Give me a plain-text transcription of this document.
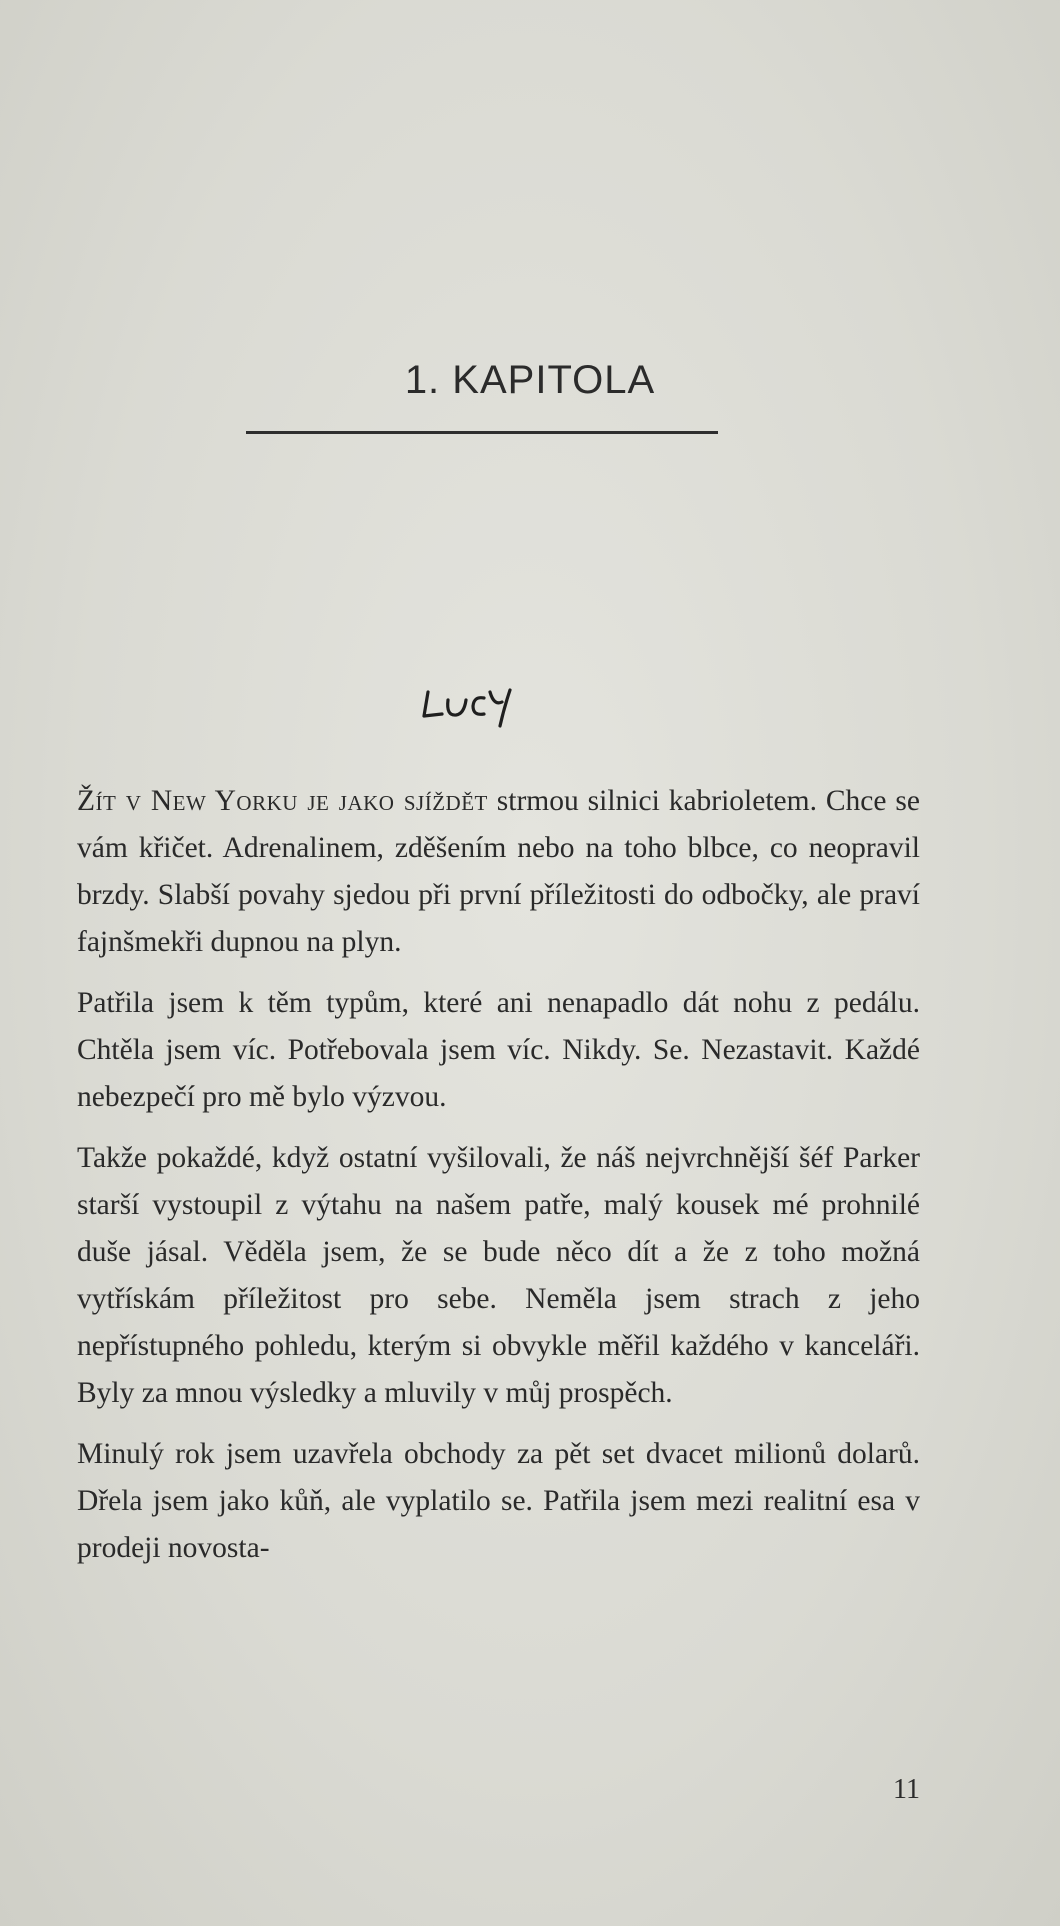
1. KAPITOLA

Žít v New Yorku je jako sjíždět strmou silnici kabrioletem. Chce se vám křičet. Adrenalinem, zděšením nebo na toho blbce, co neopravil brzdy. Slabší povahy sjedou při první příležitosti do odbočky, ale praví fajnšmekři dupnou na plyn.

Patřila jsem k těm typům, které ani nenapadlo dát nohu z pedálu. Chtěla jsem víc. Potřebovala jsem víc. Nikdy. Se. Nezastavit. Každé nebezpečí pro mě bylo výzvou.

Takže pokaždé, když ostatní vyšilovali, že náš nejvrchnější šéf Parker starší vystoupil z výtahu na našem patře, malý kousek mé prohnilé duše jásal. Věděla jsem, že se bude něco dít a že z toho možná vytřískám příležitost pro sebe. Neměla jsem strach z jeho nepřístupného pohledu, kterým si obvykle měřil každého v kanceláři. Byly za mnou výsledky a mluvily v můj prospěch.

Minulý rok jsem uzavřela obchody za pět set dvacet milionů dolarů. Dřela jsem jako kůň, ale vyplatilo se. Patřila jsem mezi realitní esa v prodeji novosta-

11
